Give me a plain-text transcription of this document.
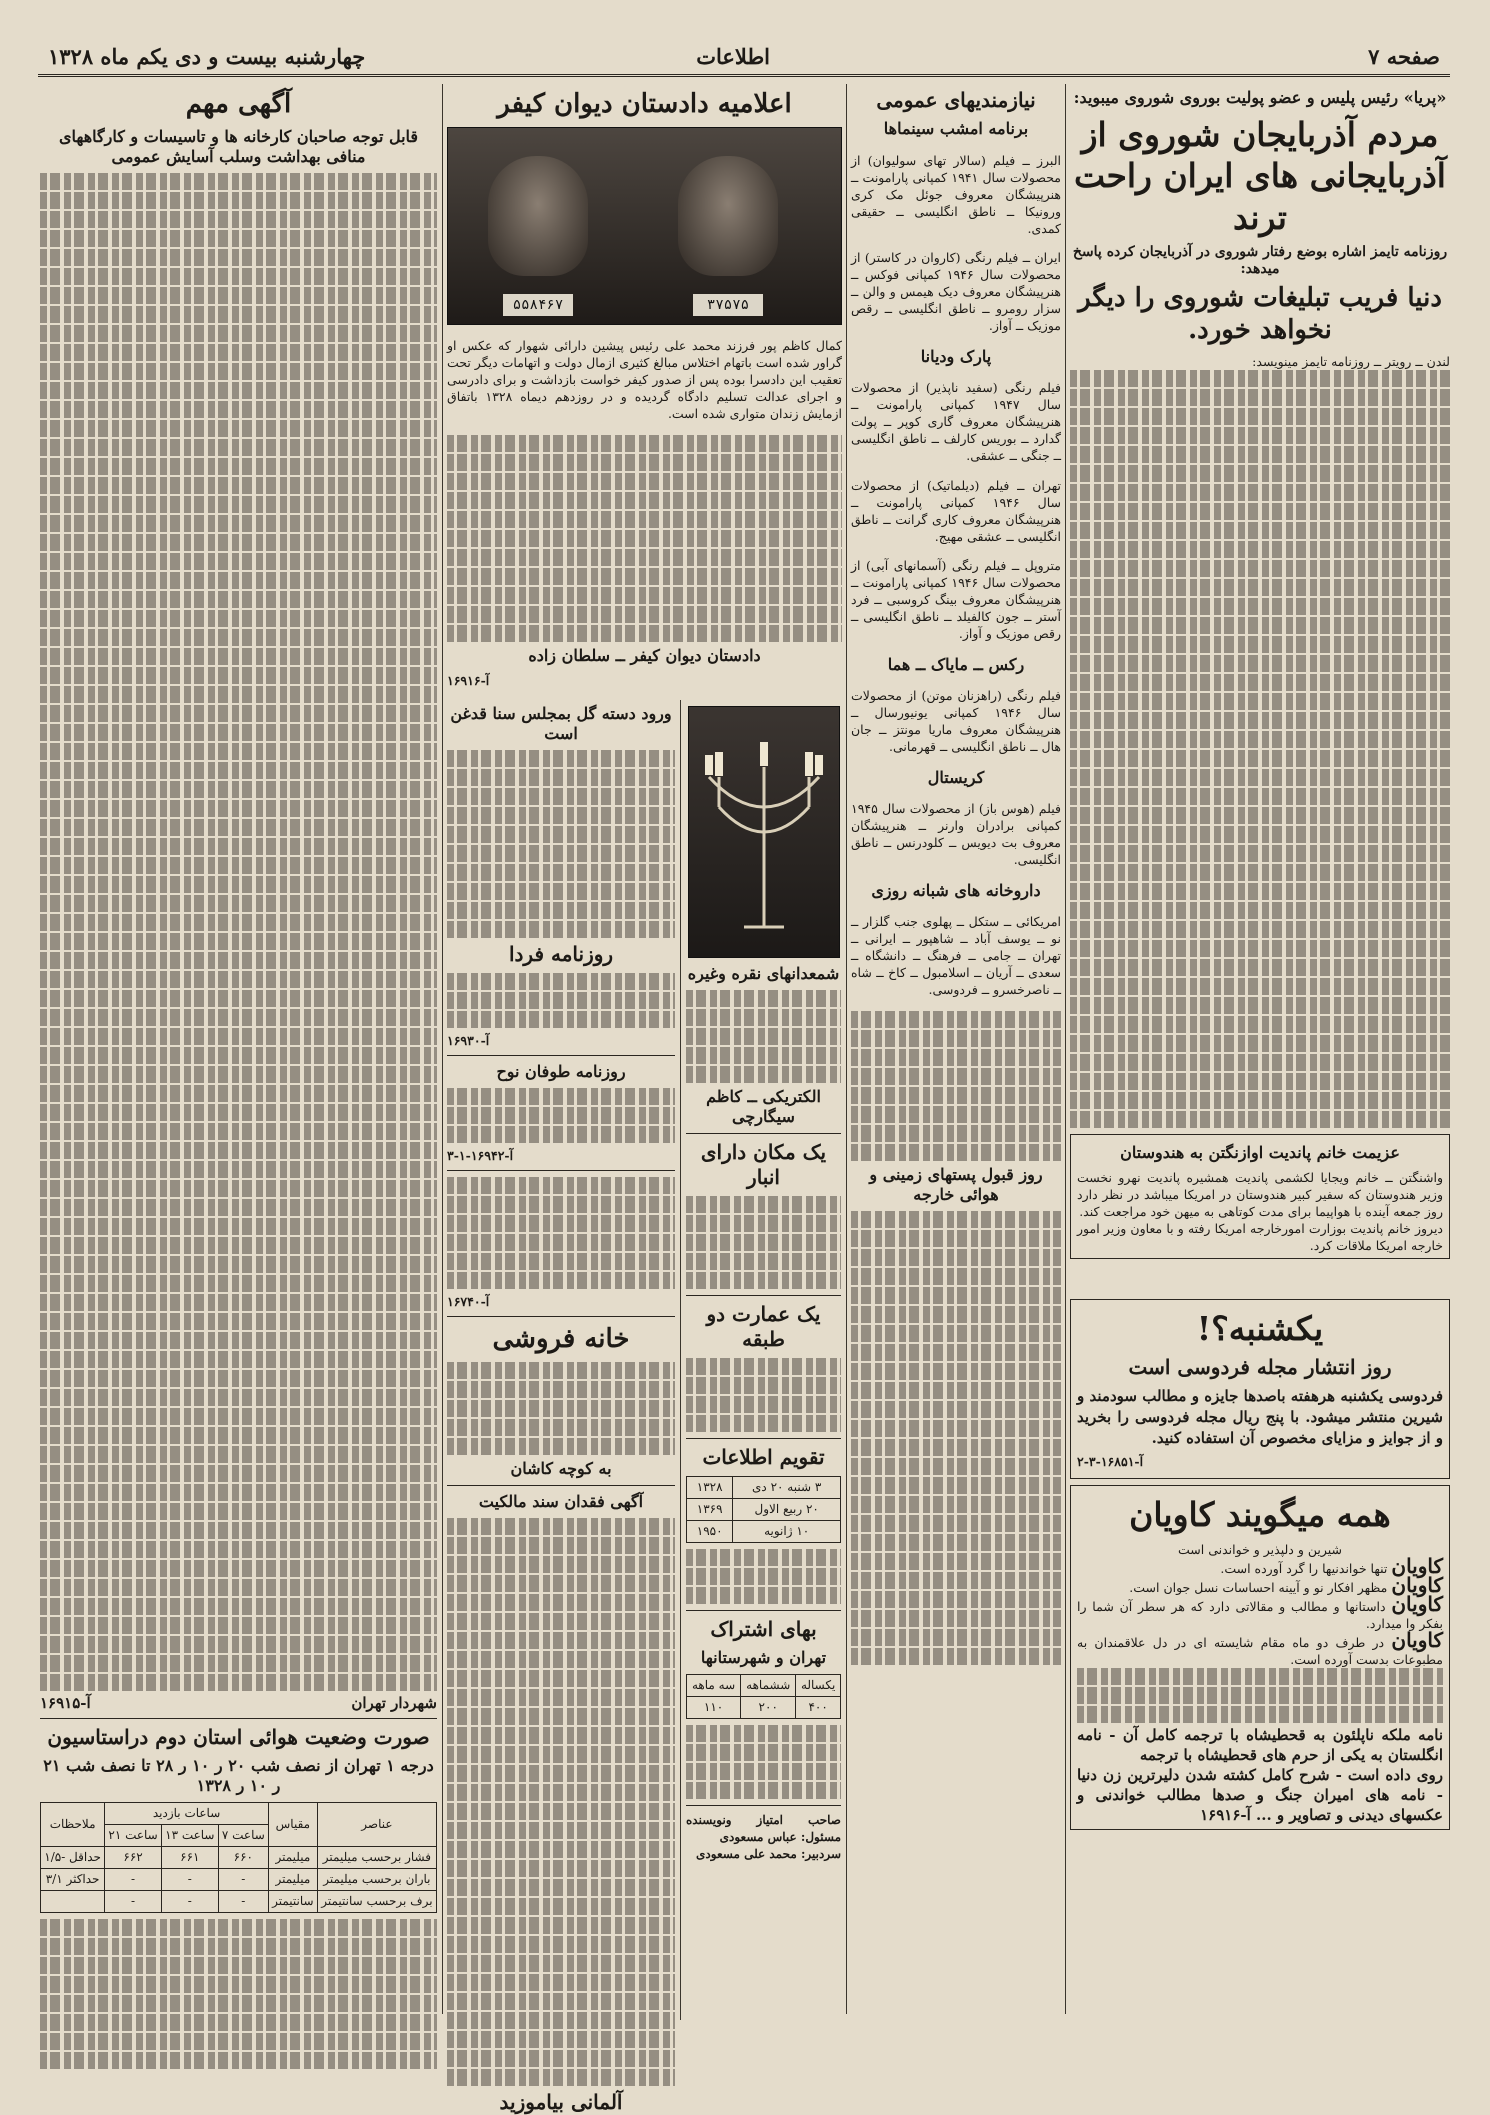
صفحه ۷
اطلاعات
چهارشنبه بیست و دی یکم ماه ۱۳۲۸
«پریا» رئیس پلیس و عضو پولیت بوروی شوروی میبوید:
مردم آذربایجان شوروی از آذربایجانی های ایران راحت ترند
روزنامه تایمز اشاره بوضع رفتار شوروی در آذربایجان کرده پاسخ میدهد:
دنیا فریب تبلیغات شوروی را دیگر نخواهد خورد.
لندن ــ رویتر ــ روزنامه تایمز مینویسد:
عزیمت خانم پاندیت اوازنگتن به هندوستان
واشنگتن ــ خانم ویجایا لکشمی پاندیت همشیره پاندیت نهرو نخست وزیر هندوستان که سفیر کبیر هندوستان در امریکا میباشد در نظر دارد روز جمعه آینده با هواپیما برای مدت کوتاهی به میهن خود مراجعت کند.
دیروز خانم پاندیت بوزارت امورخارجه امریکا رفته و با معاون وزیر امور خارجه امریکا ملاقات کرد.
یکشنبه؟!
روز انتشار مجله فردوسی است
فردوسی یکشنبه هرهفته باصدها جایزه و مطالب سودمند و شیرین منتشر میشود. با پنج ریال مجله فردوسی را بخرید و از جوایز و مزایای مخصوص آن استفاده کنید.
آ-۱۶۸۵۱-۳-۲
همه میگویند کاویان
شیرین و دلپذیر و خواندنی است
کاویان تنها خواندنیها را گرد آورده است.
کاویان مظهر افکار نو و آیینه احساسات نسل جوان است.
کاویان داستانها و مطالب و مقالاتی دارد که هر سطر آن شما را بفکر وا میدارد.
کاویان در طرف دو ماه مقام شایسته ای در دل علاقمندان به مطبوعات بدست آورده است.
نامه ملکه ناپلئون به قحطیشاه با ترجمه کامل آن - نامه انگلستان به یکی از حرم های قحطیشاه با ترجمه
روی داده است - شرح کامل کشته شدن دلیرترین زن دنیا - نامه های امیران جنگ و صدها مطالب خواندنی و عکسهای دیدنی و تصاویر و ... آ-۱۶۹۱۶
نیازمندیهای عمومی
برنامه امشب سینماها

البرز ــ فیلم (سالار تهای سولیوان) از محصولات سال ۱۹۴۱ کمپانی پارامونت ــ هنرپیشگان معروف جوئل مک کری ورونیکا ــ ناطق انگلیسی ــ حقیقی کمدی.

ایران ــ فیلم رنگی (کاروان در کاستر) از محصولات سال ۱۹۴۶ کمپانی فوکس ــ هنرپیشگان معروف دیک هیمس و والن ــ سزار رومرو ــ ناطق انگلیسی ــ رقص موزیک ــ آواز.

پارک ودیانا

فیلم رنگی (سفید ناپذیر) از محصولات سال ۱۹۴۷ کمپانی پارامونت ــ هنرپیشگان معروف گاری کوپر ــ پولت گدارد ــ بوریس کارلف ــ ناطق انگلیسی ــ جنگی ــ عشقی.

تهران ــ فیلم (دیلماتیک) از محصولات سال ۱۹۴۶ کمپانی پارامونت ــ هنرپیشگان معروف کاری گرانت ــ ناطق انگلیسی ــ عشقی مهیج.

متروپل ــ فیلم رنگی (آسمانهای آبی) از محصولات سال ۱۹۴۶ کمپانی پارامونت ــ هنرپیشگان معروف بینگ کروسبی ــ فرد آستر ــ جون کالفیلد ــ ناطق انگلیسی ــ رقص موزیک و آواز.

رکس ــ مایاک ــ هما

فیلم رنگی (راهزنان موتن) از محصولات سال ۱۹۴۶ کمپانی یونیورسال ــ هنرپیشگان معروف ماریا مونتز ــ جان هال ــ ناطق انگلیسی ــ قهرمانی.

کریستال

فیلم (هوس باز) از محصولات سال ۱۹۴۵ کمپانی برادران وارنر ــ هنرپیشگان معروف بت دیویس ــ کلودرنس ــ ناطق انگلیسی.

داروخانه های شبانه روزی

امریکائی ــ ستکل ــ پهلوی جنب گلزار ــ نو ــ یوسف آباد ــ شاهپور ــ ایرانی ــ تهران ــ جامی ــ فرهنگ ــ دانشگاه ــ سعدی ــ آریان ــ اسلامبول ــ کاخ ــ شاه ــ ناصرخسرو ــ فردوسی.

روز قبول پستهای زمینی و هوائی خارجه
اعلامیه دادستان دیوان کیفر
۵۵۸۴۶۷	۳۷۵۷۵

کمال کاظم پور فرزند محمد علی رئیس پیشین دارائی شهوار که عکس او گراور شده است باتهام اختلاس مبالغ کثیری ازمال دولت و اتهامات دیگر تحت تعقیب این دادسرا بوده پس از صدور کیفر خواست بازداشت و برای دادرسی و اجرای عدالت تسلیم دادگاه گردیده و در روزدهم دیماه ۱۳۲۸ باتفاق ازمایش زندان متواری شده است.

دادستان دیوان کیفر ــ سلطان زاده
آ-۱۶۹۱۶
ورود دسته گل بمجلس سنا قدغن است
روزنامه فردا
آ-۱۶۹۳۰
روزنامه طوفان نوح
آ-۱۶۹۴۲-۱-۳
آ-۱۶۷۴۰
خانه فروشی
به کوچه کاشان
آگهی فقدان سند مالکیت
آلمانی بیاموزید
شمعدانهای نقره وغیره
الکتریکی ــ کاظم سیگارچی
یک مکان دارای انبار
یک عمارت دو طبقه
تقویم اطلاعات
۳ شنبه ۲۰ دی	۱۳۲۸
۲۰ ربیع الاول	۱۳۶۹
۱۰ ژانویه	۱۹۵۰
بهای اشتراک
تهران و شهرستانها
یکساله	ششماهه	سه ماهه
۴۰۰	۲۰۰	۱۱۰
صاحب امتیاز ونویسنده مسئول: عباس مسعودی
سردبیر: محمد علی مسعودی
آگهی مهم
قابل توجه صاحبان کارخانه ها و تاسیسات و کارگاههای منافی بهداشت وسلب آسایش عمومی
شهردار تهران
آ-۱۶۹۱۵
صورت وضعیت هوائی استان دوم دراستاسیون
درجه ۱ تهران از نصف شب ۲۰ ر ۱۰ ر ۲۸ تا نصف شب ۲۱ ر ۱۰ ر ۱۳۲۸
عناصر	مقیاس	ساعات بازدید			ملاحظات
		ساعت ۷	ساعت ۱۳	ساعت ۲۱	
فشار برحسب میلیمتر	میلیمتر	۶۶۰	۶۶۱	۶۶۲	حداقل -۱/۵
باران برحسب میلیمتر	میلیمتر	-	-	-	حداکثر ۳/۱
برف برحسب سانتیمتر	سانتیمتر	-	-	-	
